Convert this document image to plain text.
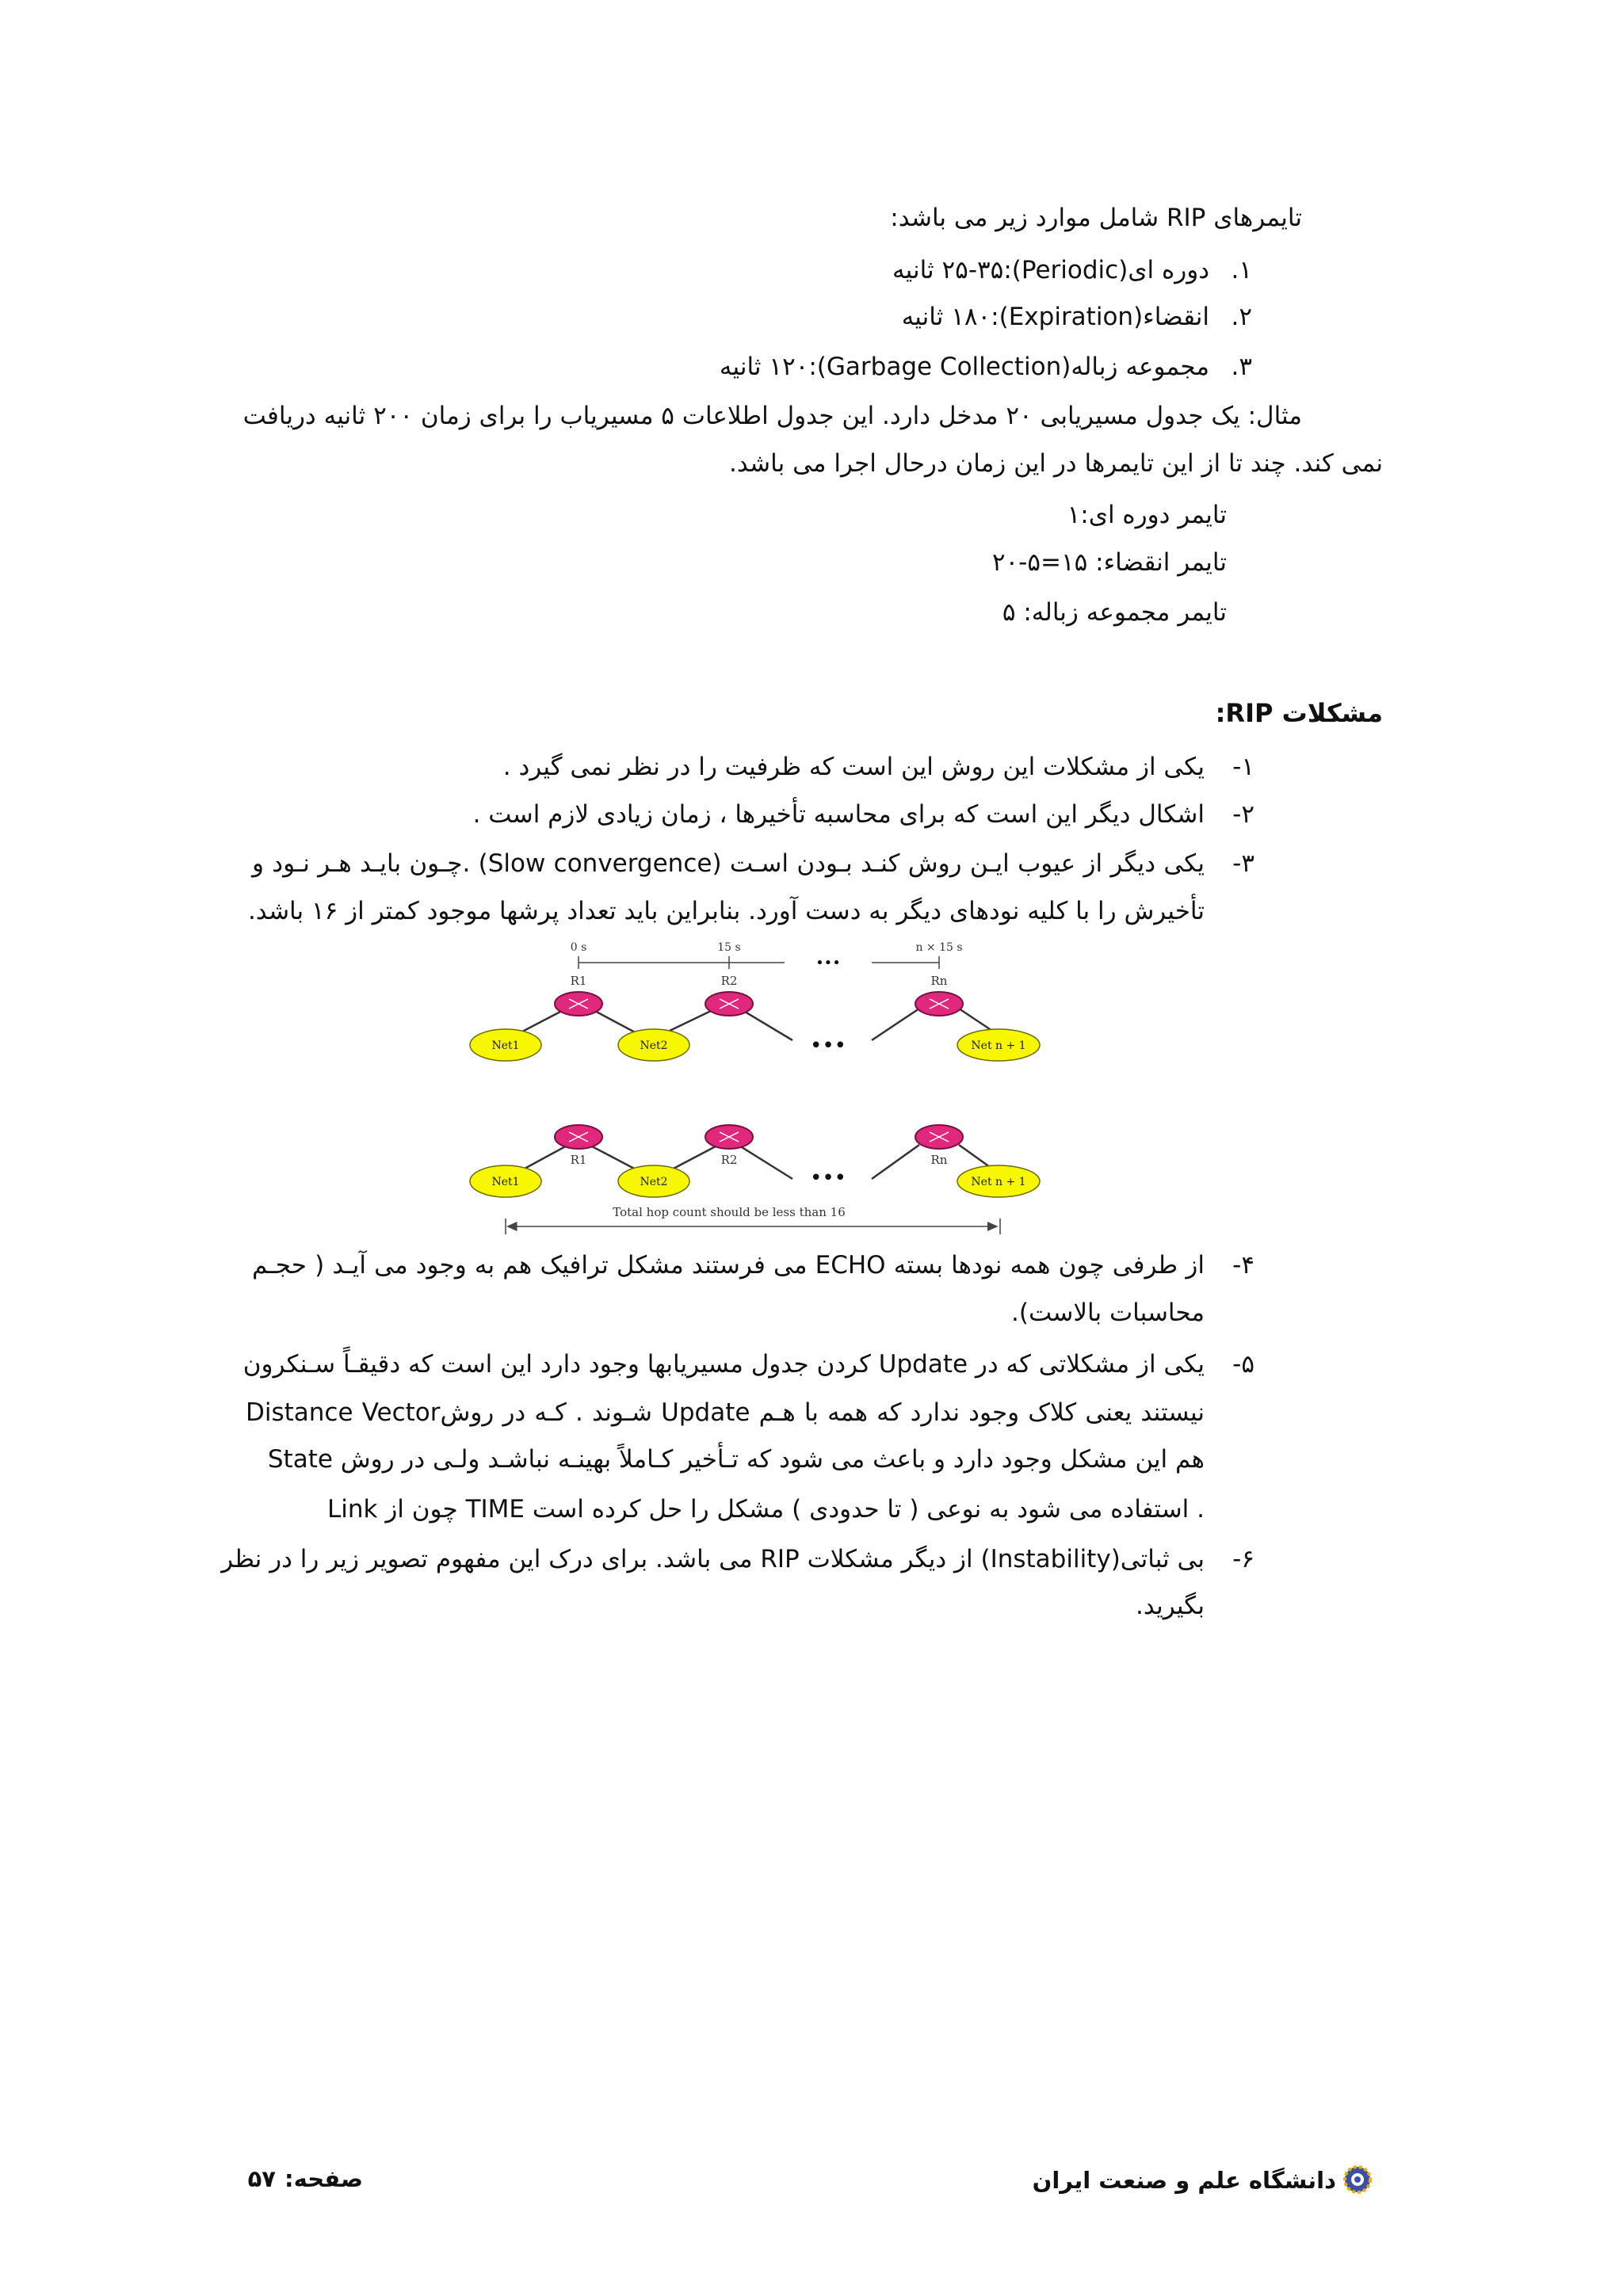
تایمرهای RIP شامل موارد زیر می باشد:
۱.
دوره ای(Periodic):۲۵-۳۵ ثانیه
۲.
انقضاء(Expiration):۱۸۰ ثانیه
۳.
مجموعه زباله(Garbage Collection):۱۲۰ ثانیه
مثال: یک جدول مسیریابی ۲۰ مدخل دارد. این جدول اطلاعات ۵ مسیریاب را برای زمان ۲۰۰ ثانیه دریافت
نمی کند. چند تا از این تایمرها در این زمان درحال اجرا می باشد.
تایمر دوره ای:۱
تایمر انقضاء: ۱۵=۵-۲۰
تایمر مجموعه زباله: ۵
مشکلات RIP:
۱-
یکی از مشکلات این روش این است که ظرفیت را در نظر نمی گیرد .
۲-
اشکال دیگر این است که برای محاسبه تأخیرها ، زمان زیادی لازم است .
۳-
یکی دیگر از عیوب ایـن روش کنـد بـودن اسـت (Slow convergence) .چـون بایـد هـر نـود و
تأخیرش را با کلیه نودهای دیگر به دست آورد. بنابراین باید تعداد پرشها موجود کمتر از ۱۶ باشد.
0 s	15 s	n × 15 s
•••
R1	R2	Rn
•••
Net1	Net2	Net n + 1
•••
R1	R2	Rn
Net1	Net2	Net n + 1
Total hop count should be less than 16
۴-
از طرفی چون همه نودها بسته ECHO می فرستند مشکل ترافیک هم به وجود می آیـد ( حجـم
محاسبات بالاست).
۵-
یکی از مشکلاتی که در Update کردن جدول مسیریابها وجود دارد این است که دقیقـاً سـنکرون
نیستند یعنی کلاک وجود ندارد که همه با هـم Update شـوند . کـه در روشDistance Vector
هم این مشکل وجود دارد و باعث می شود که تـأخیر کـاملاً بهینـه نباشـد ولـی در روش State
Link چون از TIME استفاده می شود به نوعی ( تا حدودی ) مشکل را حل کرده است .
۶-
بی ثباتی(Instability) از دیگر مشکلات RIP می باشد. برای درک این مفهوم تصویر زیر را در نظر
بگیرید.
دانشگاه علم و صنعت ایران
صفحه:
۵۷
